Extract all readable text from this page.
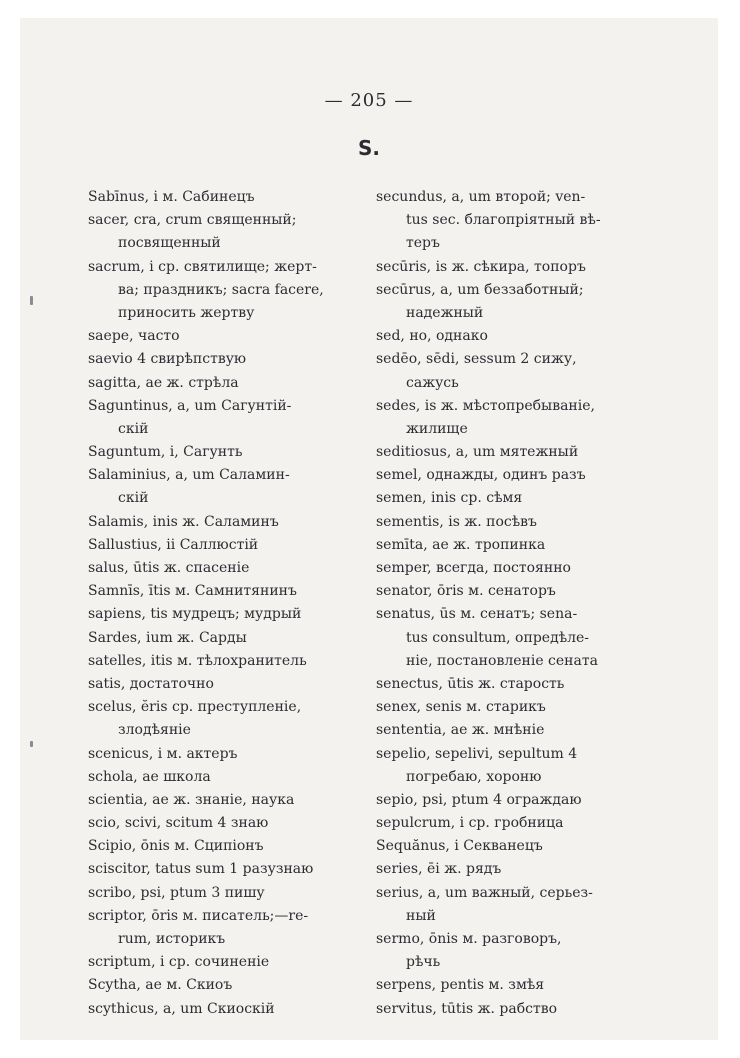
— 205 —
S.
Sabīnus, i м. Сабинецъ
sacer, cra, crum священный;
посвященный
sacrum, i cp. святилище; жерт-
ва; праздникъ; sacra facere,
приносить жертву
saepe, часто
saevio 4 свирѣпствую
sagitta, ae ж. стрѣла
Saguntinus, a, um Сагунтій-
скій
Saguntum, i, Сагунть
Salaminius, a, um Саламин-
скій
Salamis, inis ж. Саламинъ
Sallustius, ii Саллюстій
salus, ūtis ж. спасеніе
Samnīs, ītis м. Самнитянинъ
sapiens, tis мудрецъ; мудрый
Sardes, ium ж. Сарды
satelles, itis м. тѣлохранитель
satis, достаточно
scelus, ĕris cp. преступленіе,
злодѣяніе
scenicus, i м. актеръ
schola, ae школа
scientia, ae ж. знаніе, наука
scio, scivi, scitum 4 знаю
Scipio, ōnis м. Сципіонъ
sciscitor, tatus sum 1 разузнаю
scribo, psi, ptum 3 пишу
scriptor, ōris м. писатель;—re-
rum, историкъ
scriptum, i cp. сочиненіе
Scytha, ae м. Скиоъ
scythicus, a, um Скиоскій
secundus, a, um второй; ven-
tus sec. благопріятный вѣ-
теръ
secūris, is ж. сѣкира, топоръ
secūrus, a, um беззаботный;
надежный
sed, но, однако
sedēo, sēdi, sessum 2 сижу,
сажусь
sedes, is ж. мѣстопребываніе,
жилище
seditiosus, a, um мятежный
semel, однажды, одинъ разъ
semen, inis cp. сѣмя
sementis, is ж. посѣвъ
semīta, ae ж. тропинка
semper, всегда, постоянно
senator, ōris м. сенаторъ
senatus, ūs м. сенатъ; sena-
tus consultum, опредѣле-
ніе, постановленіе сената
senectus, ūtis ж. старость
senex, senis м. старикъ
sententia, ae ж. мнѣніе
sepelio, sepelivi, sepultum 4
погребаю, хороню
sepio, psi, ptum 4 ограждаю
sepulcrum, i cp. гробница
Sequănus, i Секванецъ
series, ēi ж. рядъ
serius, a, um важный, серьез-
ный
sermo, ōnis м. разговоръ,
рѣчь
serpens, pentis м. змѣя
servitus, tūtis ж. рабство
